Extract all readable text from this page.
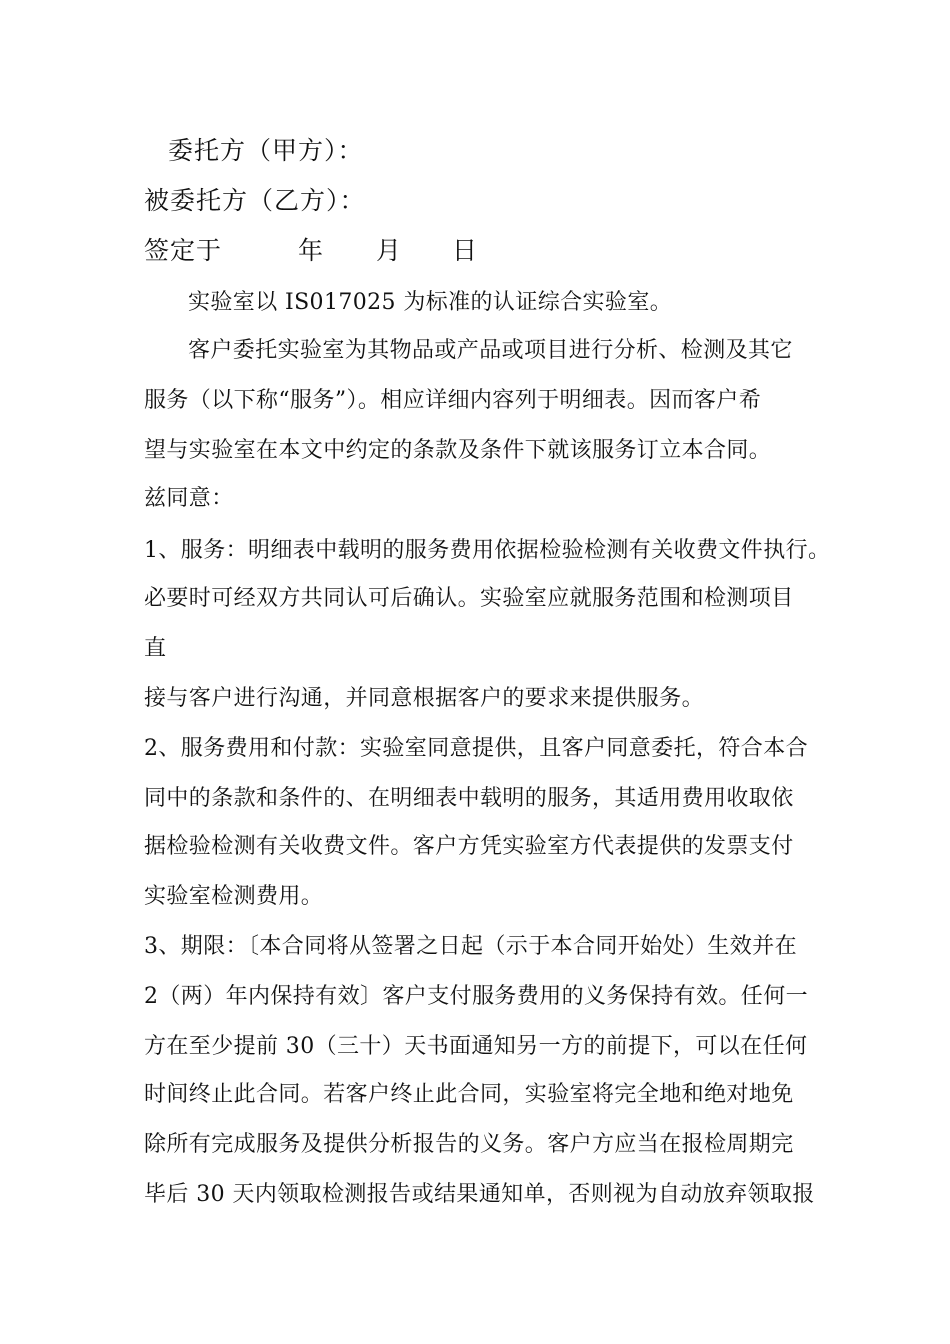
委托方（甲方）：
被委托方（乙方）：
签定于	年 月 日
实验室以 IS017025 为标准的认证综合实验室。
客户委托实验室为其物品或产品或项目进行分析、检测及其它
服务（以下称“服务”）。相应详细内容列于明细表。因而客户希
望与实验室在本文中约定的条款及条件下就该服务订立本合同。
兹同意：
1、服务：明细表中载明的服务费用依据检验检测有关收费文件执行。
必要时可经双方共同认可后确认。实验室应就服务范围和检测项目
直
接与客户进行沟通，并同意根据客户的要求来提供服务。
2、服务费用和付款：实验室同意提供，且客户同意委托，符合本合
同中的条款和条件的、在明细表中载明的服务，其适用费用收取依
据检验检测有关收费文件。客户方凭实验室方代表提供的发票支付
实验室检测费用。
3、期限：〔本合同将从签署之日起（示于本合同开始处）生效并在
2（两）年内保持有效〕客户支付服务费用的义务保持有效。任何一
方在至少提前 30（三十）天书面通知另一方的前提下，可以在任何
时间终止此合同。若客户终止此合同，实验室将完全地和绝对地免
除所有完成服务及提供分析报告的义务。客户方应当在报检周期完
毕后 30 天内领取检测报告或结果通知单，否则视为自动放弃领取报
